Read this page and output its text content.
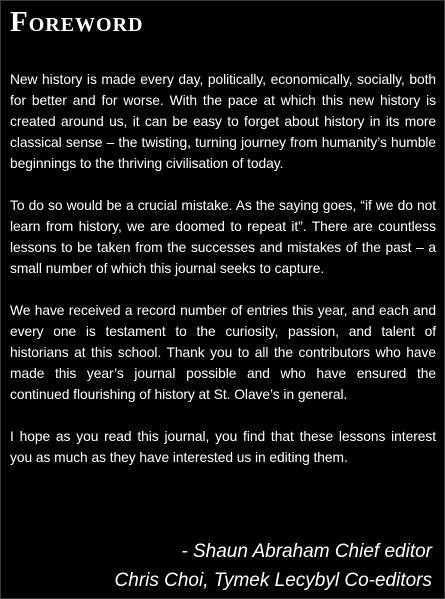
Foreword

New history is made every day, politically, economically, socially, both for better and for worse. With the pace at which this new history is created around us, it can be easy to forget about history in its more classical sense – the twisting, turning journey from humanity’s humble beginnings to the thriving civilisation of today.

To do so would be a crucial mistake. As the saying goes, “if we do not learn from history, we are doomed to repeat it”. There are countless lessons to be taken from the successes and mistakes of the past – a small number of which this journal seeks to capture.

We have received a record number of entries this year, and each and every one is testament to the curiosity, passion, and talent of historians at this school. Thank you to all the contributors who have made this year’s journal possible and who have ensured the continued flourishing of history at St. Olave’s in general.

I hope as you read this journal, you find that these lessons interest you as much as they have interested us in editing them.

- Shaun Abraham Chief editor
Chris Choi, Tymek Lecybyl Co-editors
